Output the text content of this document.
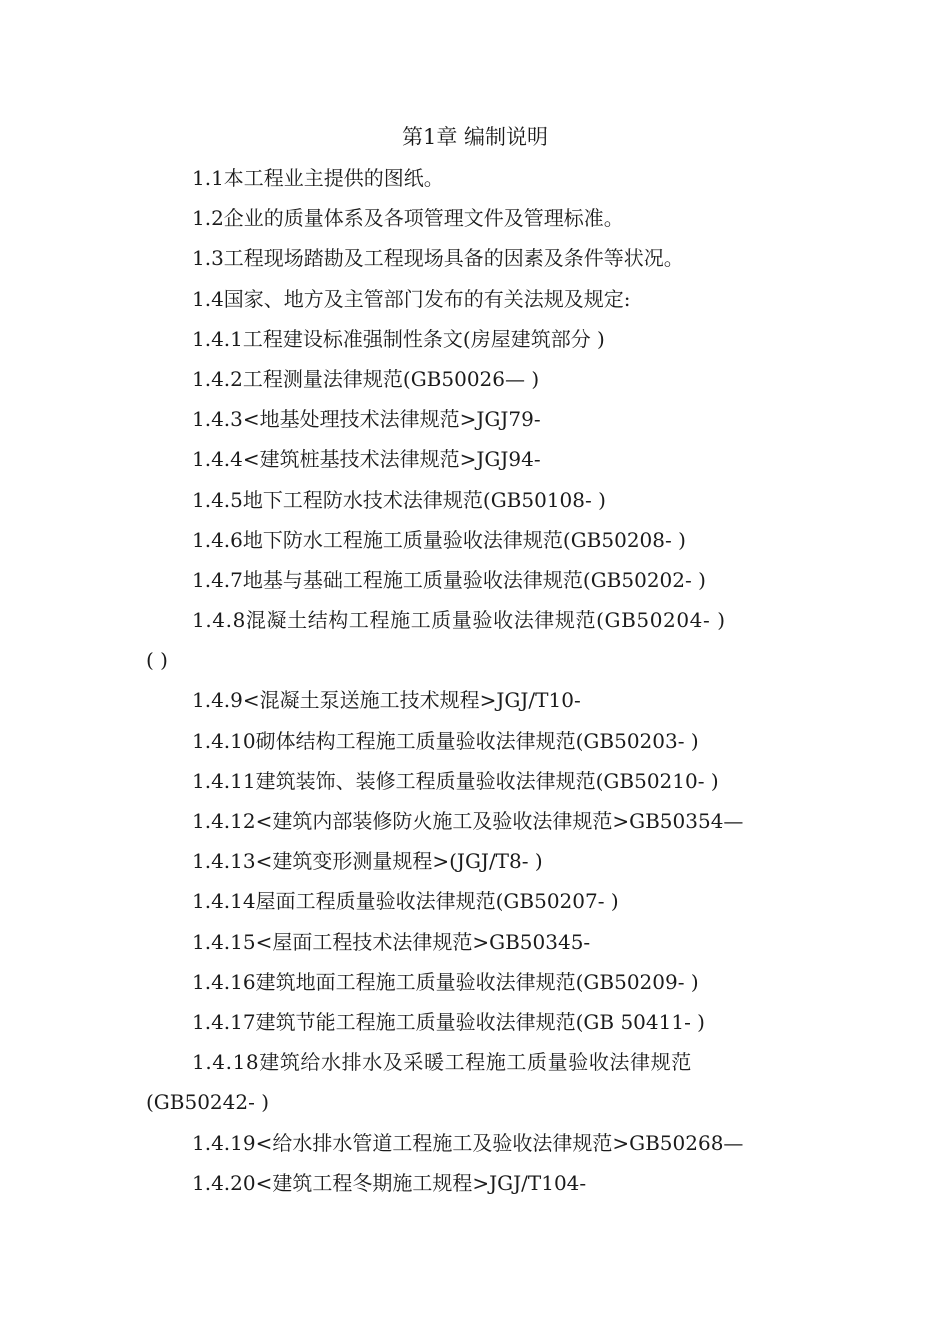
第1章 编制说明
1.1本工程业主提供的图纸。
1.2企业的质量体系及各项管理文件及管理标准。
1.3工程现场踏勘及工程现场具备的因素及条件等状况。
1.4国家、地方及主管部门发布的有关法规及规定:
1.4.1工程建设标准强制性条文(房屋建筑部分 )
1.4.2工程测量法律规范(GB50026— )
1.4.3<地基处理技术法律规范>JGJ79-
1.4.4<建筑桩基技术法律规范>JGJ94-
1.4.5地下工程防水技术法律规范(GB50108- )
1.4.6地下防水工程施工质量验收法律规范(GB50208- )
1.4.7地基与基础工程施工质量验收法律规范(GB50202- )
1.4.8混凝土结构工程施工质量验收法律规范(GB50204- )
( )
1.4.9<混凝土泵送施工技术规程>JGJ/T10-
1.4.10砌体结构工程施工质量验收法律规范(GB50203- )
1.4.11建筑装饰、装修工程质量验收法律规范(GB50210- )
1.4.12<建筑内部装修防火施工及验收法律规范>GB50354—
1.4.13<建筑变形测量规程>(JGJ/T8- )
1.4.14屋面工程质量验收法律规范(GB50207- )
1.4.15<屋面工程技术法律规范>GB50345-
1.4.16建筑地面工程施工质量验收法律规范(GB50209- )
1.4.17建筑节能工程施工质量验收法律规范(GB 50411- )
1.4.18建筑给水排水及采暖工程施工质量验收法律规范
(GB50242- )
1.4.19<给水排水管道工程施工及验收法律规范>GB50268—
1.4.20<建筑工程冬期施工规程>JGJ/T104-
